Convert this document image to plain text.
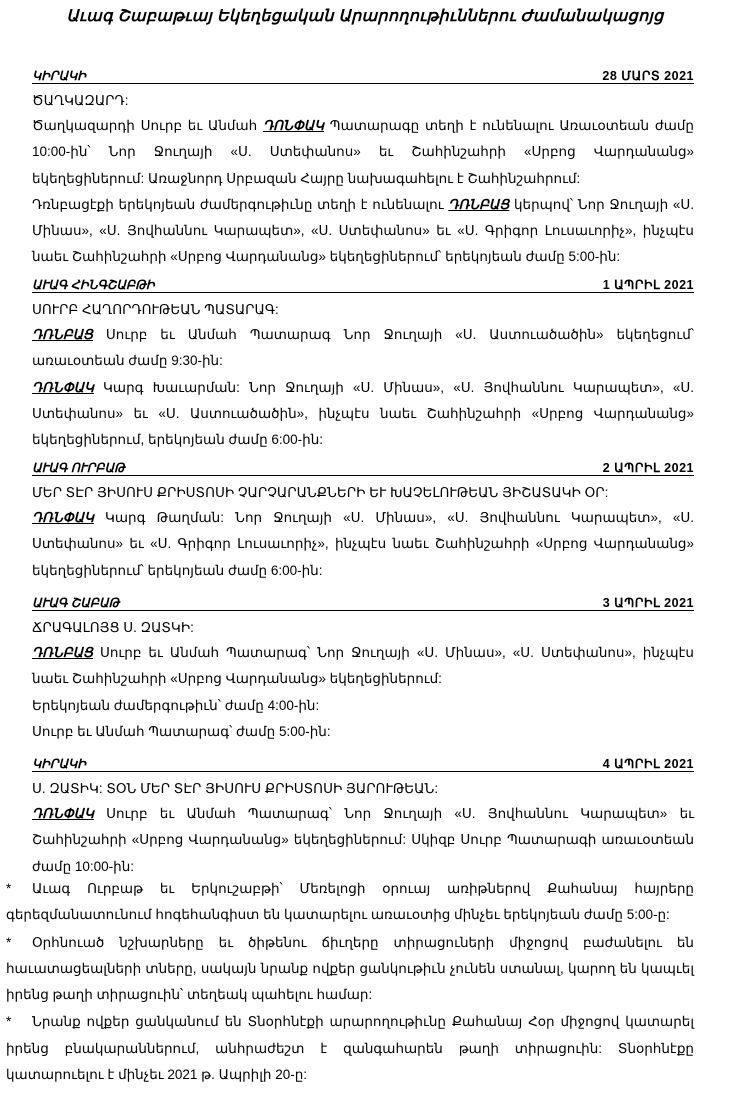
Աւագ Շաբաթւայ Եկեղեցական Արարողութիւններու Ժամանակացոյց
ԿԻՐԱԿԻ	28 ՄԱՐՏ 2021
ԾԱՂԿԱԶԱՐԴ:

Ծաղկազարդի Սուրբ եւ Անմահ ԴՈՆՓԱԿ Պատարագը տեղի է ունենալու Առաւօտեան ժամը 10:00-ին՝ Նոր Ջուղայի «Ս. Ստեփանոս» եւ Շահինշահրի «Սրբոց Վարդանանց» եկեղեցիներում: Առաջնորդ Սրբազան Հայրը նախագահելու է Շահինշահրում:

Դռնբացէքի երեկոյեան ժամերգութիւնը տեղի է ունենալու ԴՌՆԲԱՑ կերպով՝ Նոր Ջուղայի «Ս. Մինաս», «Ս. Յովհաննու Կարապետ», «Ս. Ստեփանոս» եւ «Ս. Գրիգոր Լուսաւորիչ», ինչպէս նաեւ Շահինշահրի «Սրբոց Վարդանանց» եկեղեցիներում՝ երեկոյեան ժամը 5:00-ին:

ԱՒԱԳ ՀԻՆԳՇԱԲԹԻ	1 ԱՊՐԻԼ 2021
ՍՈՒՐԲ ՀԱՂՈՐԴՈՒԹԵԱՆ ՊԱՏԱՐԱԳ:

ԴՌՆԲԱՑ Սուրբ եւ Անմահ Պատարագ Նոր Ջուղայի «Ս. Աստուածածին» եկեղեցում՝ առաւօտեան ժամը 9:30-ին:

ԴՌՆՓԱԿ Կարգ Խաւարման: Նոր Ջուղայի «Ս. Մինաս», «Ս. Յովհաննու Կարապետ», «Ս. Ստեփանոս» եւ «Ս. Աստուածածին», ինչպէս նաեւ Շահինշահրի «Սրբոց Վարդանանց» եկեղեցիներում, երեկոյեան ժամը 6:00-ին:

ԱՒԱԳ ՈՒՐԲԱԹ	2 ԱՊՐԻԼ 2021
ՄԵՐ ՏԷՐ ՅԻՍՈՒՍ ՔՐԻՍՏՈՍԻ ՉԱՐՉԱՐԱՆՔՆԵՐԻ ԵՒ ԽԱՉԵԼՈՒԹԵԱՆ ՅԻՇԱՏԱԿԻ ՕՐ:

ԴՌՆՓԱԿ Կարգ Թաղման: Նոր Ջուղայի «Ս. Մինաս», «Ս. Յովհաննու Կարապետ», «Ս. Ստեփանոս» եւ «Ս. Գրիգոր Լուսաւորիչ», ինչպէս նաեւ Շահինշահրի «Սրբոց Վարդանանց» եկեղեցիներում՝ երեկոյեան ժամը 6:00-ին:

ԱՒԱԳ ՇԱԲԱԹ	3 ԱՊՐԻԼ 2021
ՃՐԱԳԱԼՈՅՑ Ս. ԶԱՏԿԻ:

ԴՌՆԲԱՑ Սուրբ եւ Անմահ Պատարագ՝ Նոր Ջուղայի «Ս. Մինաս», «Ս. Ստեփանոս», ինչպէս նաեւ Շահինշահրի «Սրբոց Վարդանանց» եկեղեցիներում:

Երեկոյեան ժամերգութիւն՝ ժամը 4:00-ին:

Սուրբ եւ Անմահ Պատարագ՝ ժամը 5:00-ին:

ԿԻՐԱԿԻ	4 ԱՊՐԻԼ 2021
Ս. ԶԱՏԻԿ: ՏՕՆ ՄԵՐ ՏԷՐ ՅԻՍՈՒՍ ՔՐԻՍՏՈՍԻ ՅԱՐՈՒԹԵԱՆ:

ԴՌՆՓԱԿ Սուրբ եւ Անմահ Պատարագ՝ Նոր Ջուղայի «Ս. Յովհաննու Կարապետ» եւ Շահինշահրի «Սրբոց Վարդանանց» եկեղեցիներում: Սկիզբ Սուրբ Պատարագի առաւօտեան ժամը 10:00-ին:

* Աւագ Ուրբաթ եւ Երկուշաբթի՝ Մեռելոցի օրուայ առիթներով Քահանայ հայրերը գերեզմանատունում հոգեհանգիստ են կատարելու առաւօտից մինչեւ երեկոյեան ժամը 5:00-ը:

* Օրհնուած նշխարները եւ ծիթենու ճիւղերը տիրացուների միջոցով բաժանելու են հաւատացեալների տները, սակայն նրանք ովքեր ցանկութիւն չունեն ստանալ, կարող են կապւել իրենց թաղի տիրացուին՝ տեղեակ պահելու համար:

* Նրանք ովքեր ցանկանում են Տնօրհնէքի արարողութիւնը Քահանայ Հօր միջոցով կատարել իրենց բնակարաններում, անհրաժեշտ է զանգահարեն թաղի տիրացուին: Տնօրհնէքը կատարուելու է մինչեւ 2021 թ. Ապրիլի 20-ը:
